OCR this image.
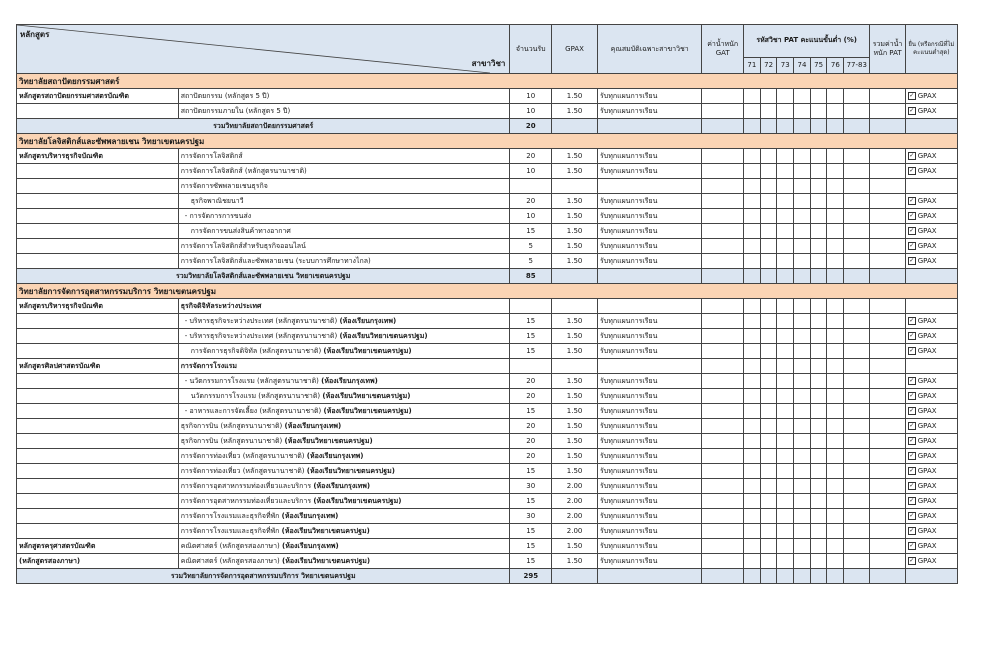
หลักสูตร
สาขาวิชา		จำนวนรับ	GPAX	คุณสมบัติเฉพาะสาขาวิชา	ค่าน้ำหนัก GAT	รหัสวิชา PAT คะแนนขั้นต่ำ (%)							รวมค่าน้ำหนัก PAT	ยื่น (หรือกรณีที่ไม่คะแนนต่ำสุด)
						71	72	73	74	75	76	77-83		
วิทยาลัยสถาปัตยกรรมศาสตร์														
หลักสูตรสถาปัตยกรรมศาสตรบัณฑิต	สถาปัตยกรรม (หลักสูตร 5 ปี)	10	1.50	รับทุกแผนการเรียน										✓ GPAX
	สถาปัตยกรรมภายใน (หลักสูตร 5 ปี)	10	1.50	รับทุกแผนการเรียน										✓ GPAX
รวมวิทยาลัยสถาปัตยกรรมศาสตร์		20												
วิทยาลัยโลจิสติกส์และซัพพลายเชน วิทยาเขตนครปฐม														
หลักสูตรบริหารธุรกิจบัณฑิต	การจัดการโลจิสติกส์	20	1.50	รับทุกแผนการเรียน										✓ GPAX
	การจัดการโลจิสติกส์ (หลักสูตรนานาชาติ)	10	1.50	รับทุกแผนการเรียน										✓ GPAX
	การจัดการซัพพลายเชนธุรกิจ													
	ธุรกิจพาณิชยนาวี	20	1.50	รับทุกแผนการเรียน										✓ GPAX
	- การจัดการการขนส่ง	10	1.50	รับทุกแผนการเรียน										✓ GPAX
	การจัดการขนส่งสินค้าทางอากาศ	15	1.50	รับทุกแผนการเรียน										✓ GPAX
	การจัดการโลจิสติกส์สำหรับธุรกิจออนไลน์	5	1.50	รับทุกแผนการเรียน										✓ GPAX
	การจัดการโลจิสติกส์และซัพพลายเชน (ระบบการศึกษาทางไกล)	5	1.50	รับทุกแผนการเรียน										✓ GPAX
รวมวิทยาลัยโลจิสติกส์และซัพพลายเชน วิทยาเขตนครปฐม		85												
วิทยาลัยการจัดการอุตสาหกรรมบริการ วิทยาเขตนครปฐม														
หลักสูตรบริหารธุรกิจบัณฑิต	ธุรกิจดิจิทัลระหว่างประเทศ													
	- บริหารธุรกิจระหว่างประเทศ (หลักสูตรนานาชาติ) (ห้องเรียนกรุงเทพ)	15	1.50	รับทุกแผนการเรียน										✓ GPAX
	- บริหารธุรกิจระหว่างประเทศ (หลักสูตรนานาชาติ) (ห้องเรียนวิทยาเขตนครปฐม)	15	1.50	รับทุกแผนการเรียน										✓ GPAX
	การจัดการธุรกิจดิจิทัล (หลักสูตรนานาชาติ) (ห้องเรียนวิทยาเขตนครปฐม)	15	1.50	รับทุกแผนการเรียน										✓ GPAX
หลักสูตรศิลปศาสตรบัณฑิต	การจัดการโรงแรม													
	- นวัตกรรมการโรงแรม (หลักสูตรนานาชาติ) (ห้องเรียนกรุงเทพ)	20	1.50	รับทุกแผนการเรียน										✓ GPAX
	นวัตกรรมการโรงแรม (หลักสูตรนานาชาติ) (ห้องเรียนวิทยาเขตนครปฐม)	20	1.50	รับทุกแผนการเรียน										✓ GPAX
	- อาหารและการจัดเลี้ยง (หลักสูตรนานาชาติ) (ห้องเรียนวิทยาเขตนครปฐม)	15	1.50	รับทุกแผนการเรียน										✓ GPAX
	ธุรกิจการบิน (หลักสูตรนานาชาติ) (ห้องเรียนกรุงเทพ)	20	1.50	รับทุกแผนการเรียน										✓ GPAX
	ธุรกิจการบิน (หลักสูตรนานาชาติ) (ห้องเรียนวิทยาเขตนครปฐม)	20	1.50	รับทุกแผนการเรียน										✓ GPAX
	การจัดการท่องเที่ยว (หลักสูตรนานาชาติ) (ห้องเรียนกรุงเทพ)	20	1.50	รับทุกแผนการเรียน										✓ GPAX
	การจัดการท่องเที่ยว (หลักสูตรนานาชาติ) (ห้องเรียนวิทยาเขตนครปฐม)	15	1.50	รับทุกแผนการเรียน										✓ GPAX
	การจัดการอุตสาหกรรมท่องเที่ยวและบริการ (ห้องเรียนกรุงเทพ)	30	2.00	รับทุกแผนการเรียน										✓ GPAX
	การจัดการอุตสาหกรรมท่องเที่ยวและบริการ (ห้องเรียนวิทยาเขตนครปฐม)	15	2.00	รับทุกแผนการเรียน										✓ GPAX
	การจัดการโรงแรมและธุรกิจที่พัก (ห้องเรียนกรุงเทพ)	30	2.00	รับทุกแผนการเรียน										✓ GPAX
	การจัดการโรงแรมและธุรกิจที่พัก (ห้องเรียนวิทยาเขตนครปฐม)	15	2.00	รับทุกแผนการเรียน										✓ GPAX
หลักสูตรครุศาสตรบัณฑิต	คณิตศาสตร์ (หลักสูตรสองภาษา) (ห้องเรียนกรุงเทพ)	15	1.50	รับทุกแผนการเรียน										✓ GPAX
(หลักสูตรสองภาษา)	คณิตศาสตร์ (หลักสูตรสองภาษา) (ห้องเรียนวิทยาเขตนครปฐม)	15	1.50	รับทุกแผนการเรียน										✓ GPAX
รวมวิทยาลัยการจัดการอุตสาหกรรมบริการ วิทยาเขตนครปฐม		295												
